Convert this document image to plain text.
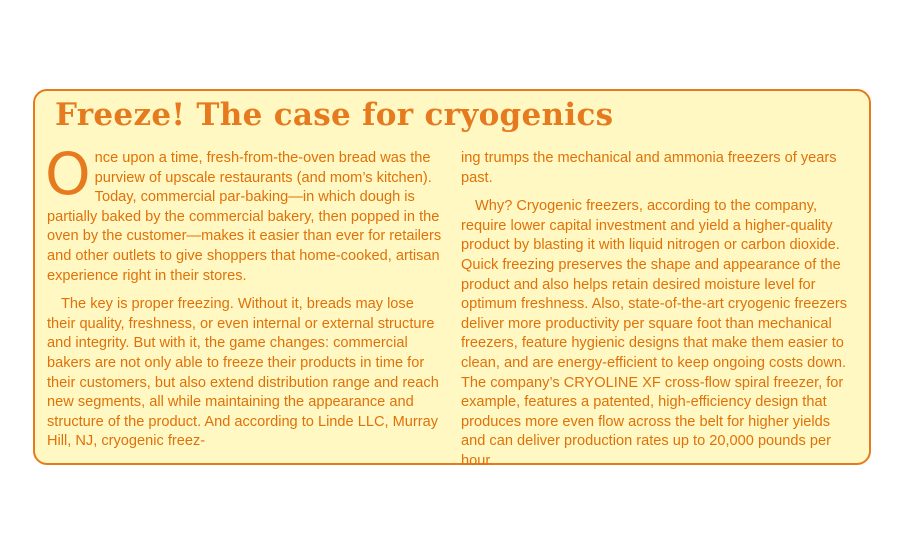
Freeze! The case for cryogenics

Once upon a time, fresh-from-the-oven bread was the purview of upscale restaurants (and mom’s kitchen). Today, commercial par-baking—in which dough is partially baked by the commercial bakery, then popped in the oven by the customer—makes it easier than ever for retailers and other outlets to give shoppers that home-cooked, artisan experience right in their stores.

The key is proper freezing. Without it, breads may lose their quality, freshness, or even internal or external structure and integrity. But with it, the game changes: commercial bakers are not only able to freeze their products in time for their customers, but also extend distribution range and reach new segments, all while maintaining the appearance and structure of the product. And according to Linde LLC, Murray Hill, NJ, cryogenic freez-

ing trumps the mechanical and ammonia freezers of years past.

Why? Cryogenic freezers, according to the company, require lower capital investment and yield a higher-quality product by blasting it with liquid nitrogen or carbon dioxide. Quick freezing preserves the shape and appearance of the product and also helps retain desired moisture level for optimum freshness. Also, state-of-the-art cryogenic freezers deliver more productivity per square foot than mechanical freezers, feature hygienic designs that make them easier to clean, and are energy-efficient to keep ongoing costs down. The company’s CRYOLINE XF cross-flow spiral freezer, for example, features a patented, high-efficiency design that produces more even flow across the belt for higher yields and can deliver production rates up to 20,000 pounds per hour.
